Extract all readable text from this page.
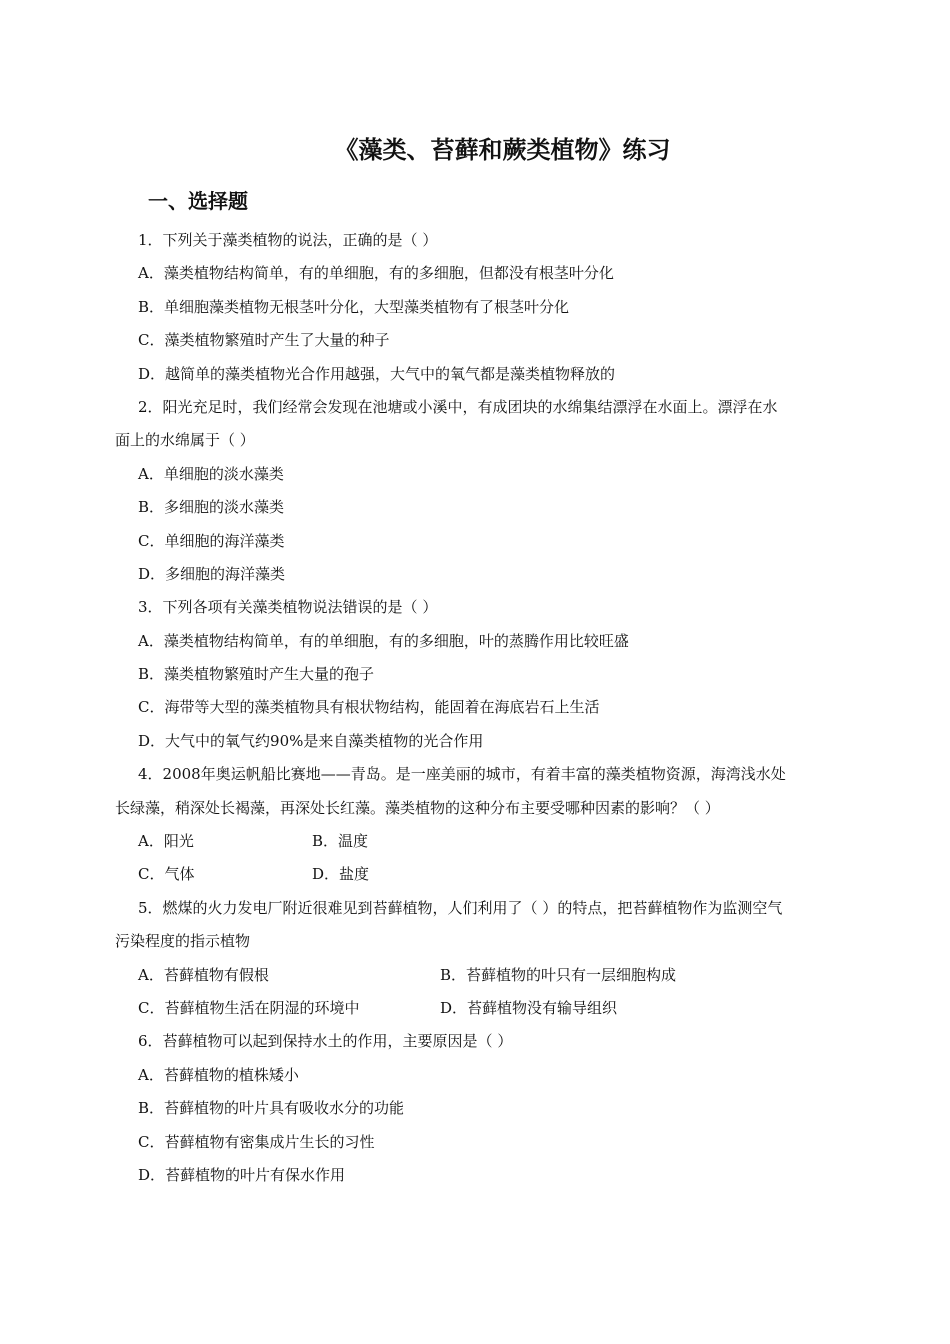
《藻类、苔藓和蕨类植物》练习
一、选择题
1．下列关于藻类植物的说法，正确的是（ ）
A．藻类植物结构简单，有的单细胞，有的多细胞，但都没有根茎叶分化
B．单细胞藻类植物无根茎叶分化，大型藻类植物有了根茎叶分化
C．藻类植物繁殖时产生了大量的种子
D．越简单的藻类植物光合作用越强，大气中的氧气都是藻类植物释放的
2．阳光充足时，我们经常会发现在池塘或小溪中，有成团块的水绵集结漂浮在水面上。漂浮在水
面上的水绵属于（ ）
A．单细胞的淡水藻类
B．多细胞的淡水藻类
C．单细胞的海洋藻类
D．多细胞的海洋藻类
3．下列各项有关藻类植物说法错误的是（ ）
A．藻类植物结构简单，有的单细胞，有的多细胞，叶的蒸腾作用比较旺盛
B．藻类植物繁殖时产生大量的孢子
C．海带等大型的藻类植物具有根状物结构，能固着在海底岩石上生活
D．大气中的氧气约90%是来自藻类植物的光合作用
4．2008年奥运帆船比赛地——青岛。是一座美丽的城市，有着丰富的藻类植物资源，海湾浅水处
长绿藻，稍深处长褐藻，再深处长红藻。藻类植物的这种分布主要受哪种因素的影响？（ ）
A．阳光	B．温度
C．气体	D．盐度
5．燃煤的火力发电厂附近很难见到苔藓植物，人们利用了（ ）的特点，把苔藓植物作为监测空气
污染程度的指示植物
A．苔藓植物有假根	B．苔藓植物的叶只有一层细胞构成
C．苔藓植物生活在阴湿的环境中	D．苔藓植物没有输导组织
6．苔藓植物可以起到保持水土的作用，主要原因是（ ）
A．苔藓植物的植株矮小
B．苔藓植物的叶片具有吸收水分的功能
C．苔藓植物有密集成片生长的习性
D．苔藓植物的叶片有保水作用
